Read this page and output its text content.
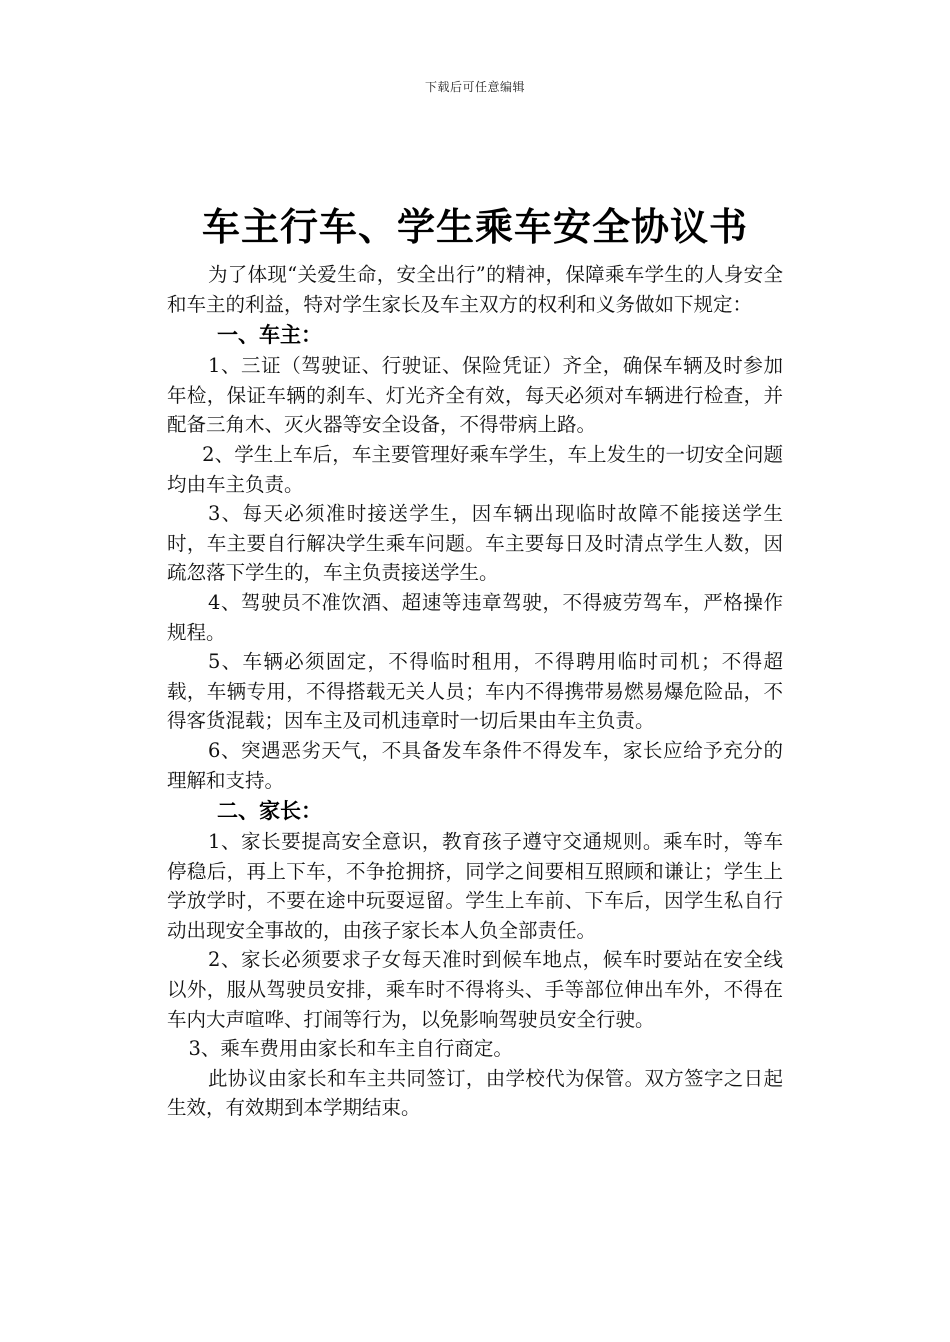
下载后可任意编辑
车主行车、学生乘车安全协议书

为了体现“关爱生命，安全出行”的精神，保障乘车学生的人身安全和车主的利益，特对学生家长及车主双方的权利和义务做如下规定：

一、车主：

1、三证（驾驶证、行驶证、保险凭证）齐全，确保车辆及时参加年检，保证车辆的刹车、灯光齐全有效，每天必须对车辆进行检查，并配备三角木、灭火器等安全设备，不得带病上路。

2、学生上车后，车主要管理好乘车学生，车上发生的一切安全问题均由车主负责。

3、每天必须准时接送学生，因车辆出现临时故障不能接送学生时，车主要自行解决学生乘车问题。车主要每日及时清点学生人数，因疏忽落下学生的，车主负责接送学生。

4、驾驶员不准饮酒、超速等违章驾驶，不得疲劳驾车，严格操作规程。

5、车辆必须固定，不得临时租用，不得聘用临时司机；不得超载，车辆专用，不得搭载无关人员；车内不得携带易燃易爆危险品，不得客货混载；因车主及司机违章时一切后果由车主负责。

6、突遇恶劣天气，不具备发车条件不得发车，家长应给予充分的理解和支持。

二、家长：

1、家长要提高安全意识，教育孩子遵守交通规则。乘车时，等车停稳后，再上下车，不争抢拥挤，同学之间要相互照顾和谦让；学生上学放学时，不要在途中玩耍逗留。学生上车前、下车后，因学生私自行动出现安全事故的，由孩子家长本人负全部责任。

2、家长必须要求子女每天准时到候车地点，候车时要站在安全线以外，服从驾驶员安排，乘车时不得将头、手等部位伸出车外，不得在车内大声喧哗、打闹等行为，以免影响驾驶员安全行驶。

3、乘车费用由家长和车主自行商定。

此协议由家长和车主共同签订，由学校代为保管。双方签字之日起生效，有效期到本学期结束。
